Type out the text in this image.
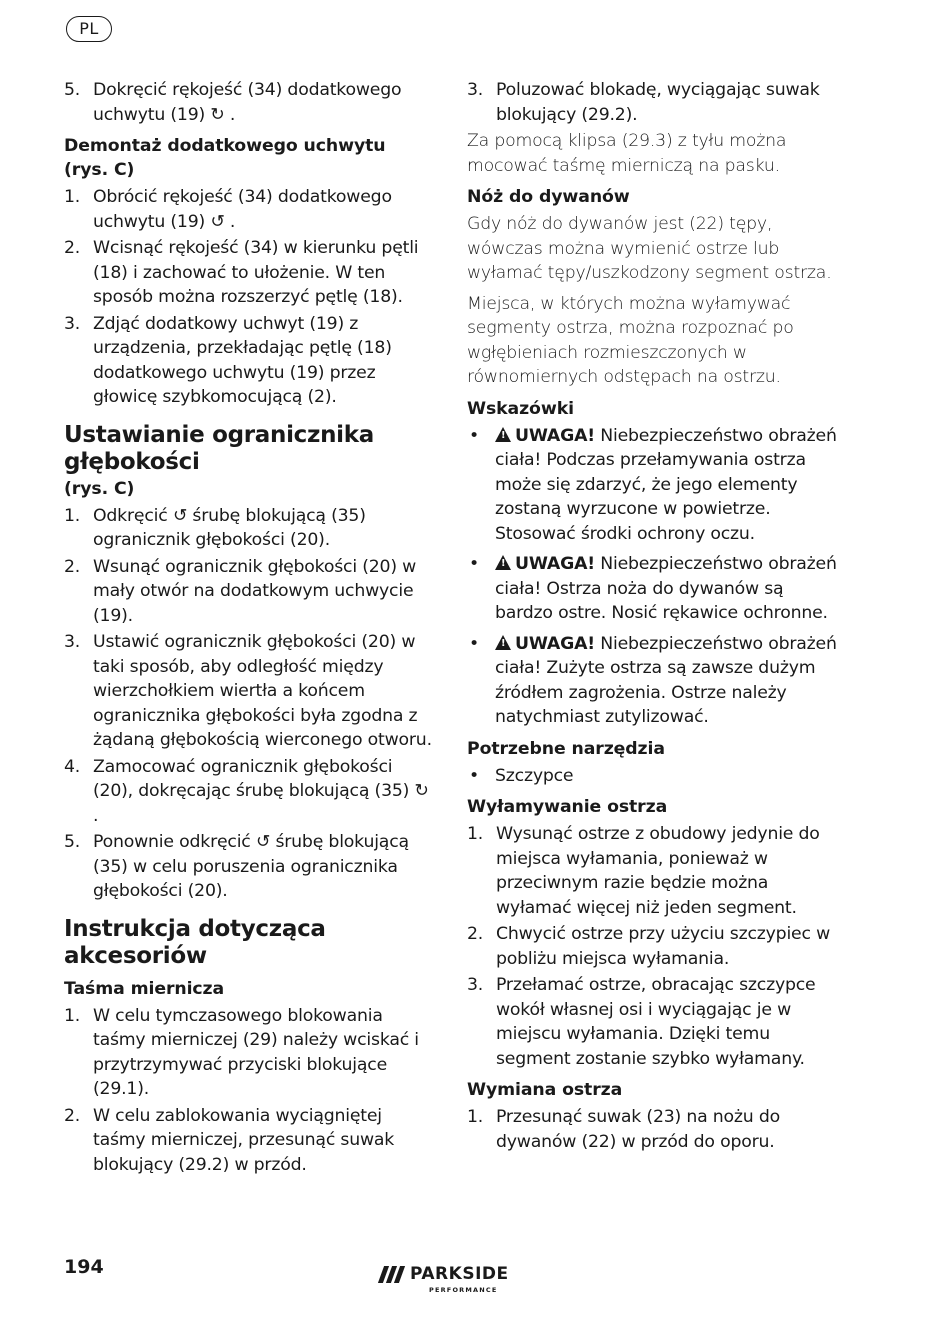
PL
5. Dokręcić rękojeść (34) dodatkowego uchwytu (19) ↻ .
Demontaż dodatkowego uchwytu (rys. C)
1. Obrócić rękojeść (34) dodatkowego uchwytu (19) ↺ .
2. Wcisnąć rękojeść (34) w kierunku pętli (18) i zachować to ułożenie. W ten sposób można rozszerzyć pętlę (18).
3. Zdjąć dodatkowy uchwyt (19) z urządzenia, przekładając pętlę (18) dodatkowego uchwytu (19) przez głowicę szybkomocującą (2).
Ustawianie ogranicznika głębokości
(rys. C)
1. Odkręcić ↺ śrubę blokującą (35) ogranicznik głębokości (20).
2. Wsunąć ogranicznik głębokości (20) w mały otwór na dodatkowym uchwycie (19).
3. Ustawić ogranicznik głębokości (20) w taki sposób, aby odległość między wierzchołkiem wiertła a końcem ogranicznika głębokości była zgodna z żądaną głębokością wierconego otworu.
4. Zamocować ogranicznik głębokości (20), dokręcając śrubę blokującą (35) ↻ .
5. Ponownie odkręcić ↺ śrubę blokującą (35) w celu poruszenia ogranicznika głębokości (20).
Instrukcja dotycząca akcesoriów
Taśma miernicza
1. W celu tymczasowego blokowania taśmy mierniczej (29) należy wciskać i przytrzymywać przyciski blokujące (29.1).
2. W celu zablokowania wyciągniętej taśmy mierniczej, przesunąć suwak blokujący (29.2) w przód.
3. Poluzować blokadę, wyciągając suwak blokujący (29.2).

Za pomocą klipsa (29.3) z tyłu można mocować taśmę mierniczą na pasku.

Nóż do dywanów

Gdy nóż do dywanów jest (22) tępy, wówczas można wymienić ostrze lub wyłamać tępy/uszkodzony segment ostrza.

Miejsca, w których można wyłamywać segmenty ostrza, można rozpoznać po wgłębieniach rozmieszczonych w równomiernych odstępach na ostrzu.

Wskazówki
• !	UWAGA! Niebezpieczeństwo obrażeń ciała! Podczas przełamywania ostrza może się zdarzyć, że jego elementy zostaną wyrzucone w powietrze. Stosować środki ochrony oczu.
• !	UWAGA! Niebezpieczeństwo obrażeń ciała! Ostrza noża do dywanów są bardzo ostre. Nosić rękawice ochronne.
• !	UWAGA! Niebezpieczeństwo obrażeń ciała! Zużyte ostrza są zawsze dużym źródłem zagrożenia. Ostrze należy natychmiast zutylizować.
Potrzebne narzędzia
• Szczypce
Wyłamywanie ostrza
1. Wysunąć ostrze z obudowy jedynie do miejsca wyłamania, ponieważ w przeciwnym razie będzie można wyłamać więcej niż jeden segment.
2. Chwycić ostrze przy użyciu szczypiec w pobliżu miejsca wyłamania.
3. Przełamać ostrze, obracając szczypce wokół własnej osi i wyciągając je w miejscu wyłamania. Dzięki temu segment zostanie szybko wyłamany.
Wymiana ostrza
1. Przesunąć suwak (23) na nożu do dywanów (22) w przód do oporu.
194	PARKSIDE
PERFORMANCE
